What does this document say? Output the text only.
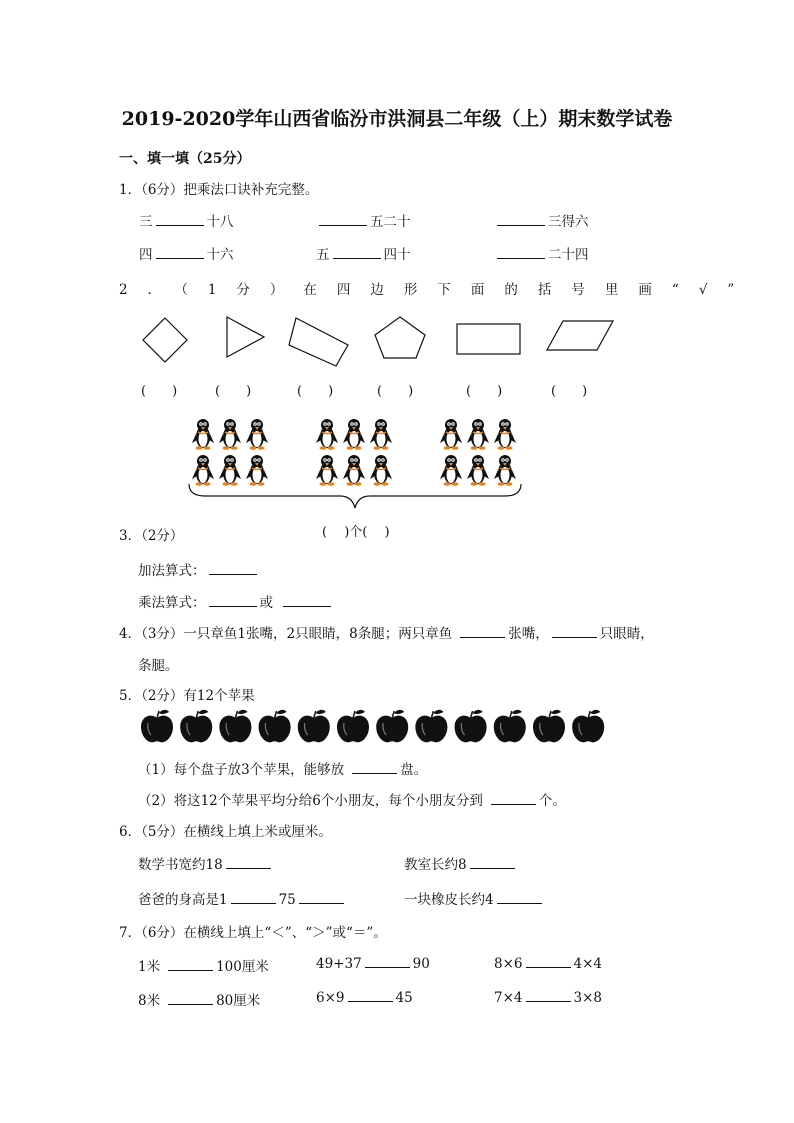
2019-2020学年山西省临汾市洪洞县二年级（上）期末数学试卷
一、填一填（25分）
1．（6分）把乘法口诀补充完整。
三	十八	五二十	三得六
四	十六	五	四十	二十四
2．（1分）在四边形下面的括号里画“√”
(　　)	(　　)	(　　)	(　　)	(　　)	(　　)
(　 )个(　 )
3．（2分）
加法算式：
乘法算式：	或
4．（3分）一只章鱼1张嘴，2只眼睛，8条腿；两只章鱼	张嘴，	只眼睛，
条腿。
5．（2分）有12个苹果
（1）每个盘子放3个苹果，能够放	盘。
（2）将这12个苹果平均分给6个小朋友，每个小朋友分到	个。
6．（5分）在横线上填上米或厘米。
数学书宽约18	教室长约8
爸爸的身高是1	75	一块橡皮长约4
7．（6分）在横线上填上“＜”、“＞”或“＝”。
1米	100厘米	49+37	90	8×6	4×4
8米	80厘米	6×9	45	7×4	3×8
